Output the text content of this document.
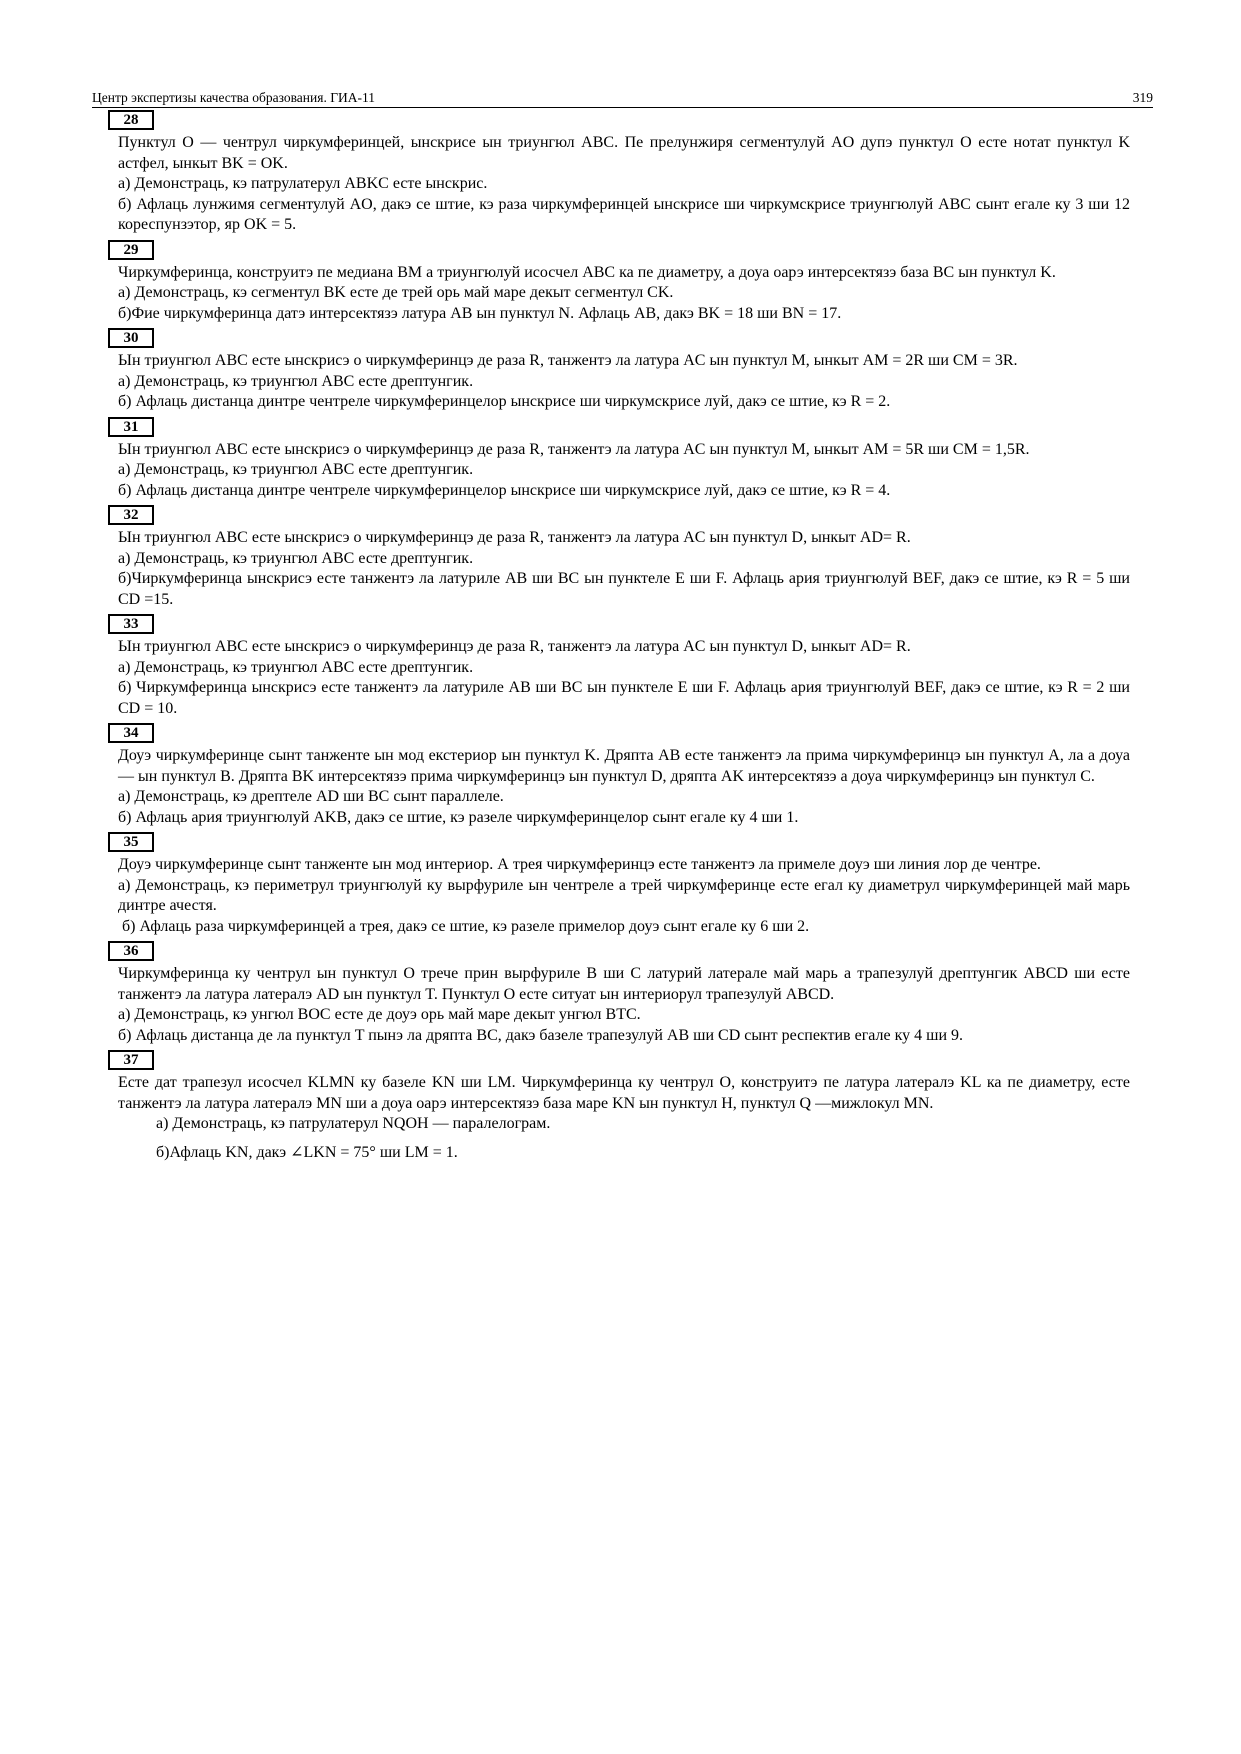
Центр экспертизы качества образования. ГИА-11	319
28
Пунктул O — чентрул чиркумферинцей, ынскрисе ын триунгюл ABC. Пе прелунжиря сегментулуй AO дупэ пунктул O есте нотат пунктул K астфел, ынкыт BK = OK.
а) Демонстраць, кэ патрулатерул ABKC есте ынскрис.
б) Афлаць лунжимя сегментулуй AO, дакэ се штие, кэ раза чиркумферинцей ынскрисе ши чиркумскрисе триунгюлуй ABC сынт егале ку 3 ши 12 кореспунзэтор, яр OK = 5.
29
Чиркумферинца, конструитэ пе медиана BM а триунгюлуй исосчел ABC ка пе диаметру, а доуа оарэ интерсектязэ база BC ын пунктул K.
а) Демонстраць, кэ сегментул BK есте де трей орь май маре декыт сегментул CK.
б)Фие чиркумферинца датэ интерсектязэ латура AB ын пунктул N. Афлаць AB, дакэ BK = 18 ши BN = 17.
30
Ын триунгюл ABC есте ынскрисэ о чиркумферинцэ де раза R, танжентэ ла латура AC ын пунктул M, ынкыт AM = 2R ши CM = 3R.
а) Демонстраць, кэ триунгюл ABC есте дрептунгик.
б) Афлаць дистанца динтре чентреле чиркумферинцелор ынскрисе ши чиркумскрисе луй, дакэ се штие, кэ R = 2.
31
Ын триунгюл ABC есте ынскрисэ о чиркумферинцэ де раза R, танжентэ ла латура AC ын пунктул M, ынкыт AM = 5R ши CM = 1,5R.
а) Демонстраць, кэ триунгюл ABC есте дрептунгик.
б) Афлаць дистанца динтре чентреле чиркумферинцелор ынскрисе ши чиркумскрисе луй, дакэ се штие, кэ R = 4.
32
Ын триунгюл ABC есте ынскрисэ о чиркумферинцэ де раза R, танжентэ ла латура AC ын пунктул D, ынкыт AD= R.
а) Демонстраць, кэ триунгюл ABC есте дрептунгик.
б)Чиркумферинца ынскрисэ есте танжентэ ла латуриле AB ши BC ын пунктеле E ши F. Афлаць ария триунгюлуй BEF, дакэ се штие, кэ R = 5 ши CD =15.
33
Ын триунгюл ABC есте ынскрисэ о чиркумферинцэ де раза R, танжентэ ла латура AC ын пунктул D, ынкыт AD= R.
а) Демонстраць, кэ триунгюл ABC есте дрептунгик.
б) Чиркумферинца ынскрисэ есте танжентэ ла латуриле AB ши BC ын пунктеле E ши F. Афлаць ария триунгюлуй BEF, дакэ се штие, кэ R = 2 ши CD = 10.
34
Доуэ чиркумферинце сынт танженте ын мод екстериор ын пунктул K. Дряпта AB есте танжентэ ла прима чиркумферинцэ ын пунктул A, ла а доуа — ын пунктул B. Дряпта BK интерсектязэ прима чиркумферинцэ ын пунктул D, дряпта AK интерсектязэ а доуа чиркумферинцэ ын пунктул C.
а) Демонстраць, кэ дрептеле AD ши BC сынт параллеле.
б) Афлаць ария триунгюлуй AKB, дакэ се штие, кэ разеле чиркумферинцелор сынт егале ку 4 ши 1.
35
Доуэ чиркумферинце сынт танженте ын мод интериор. А трея чиркумферинцэ есте танжентэ ла примеле доуэ ши линия лор де чентре.
а) Демонстраць, кэ периметрул триунгюлуй ку вырфуриле ын чентреле а трей чиркумферинце есте егал ку диаметрул чиркумферинцей май марь динтре ачестя.
б) Афлаць раза чиркумферинцей а трея, дакэ се штие, кэ разеле примелор доуэ сынт егале ку 6 ши 2.
36
Чиркумферинца ку чентрул ын пунктул O трече прин вырфуриле B ши C латурий латерале май марь а трапезулуй дрептунгик ABCD ши есте танжентэ ла латура латералэ AD ын пунктул T. Пунктул O есте ситуат ын интериорул трапезулуй ABCD.
а) Демонстраць, кэ унгюл BOC есте де доуэ орь май маре декыт унгюл BTC.
б) Афлаць дистанца де ла пунктул T пынэ ла дряпта BC, дакэ базеле трапезулуй AB ши CD сынт респектив егале ку 4 ши 9.
37
Есте дат трапезул исосчел KLMN ку базеле KN ши LM. Чиркумферинца ку чентрул O, конструитэ пе латура латералэ KL ка пе диаметру, есте танжентэ ла латура латералэ MN ши а доуа оарэ интерсектязэ база маре KN ын пунктул H, пунктул Q —мижлокул MN.
а) Демонстраць, кэ патрулатерул NQOH — паралелограм.
б)Афлаць KN, дакэ ∠LKN = 75° ши LM = 1.
